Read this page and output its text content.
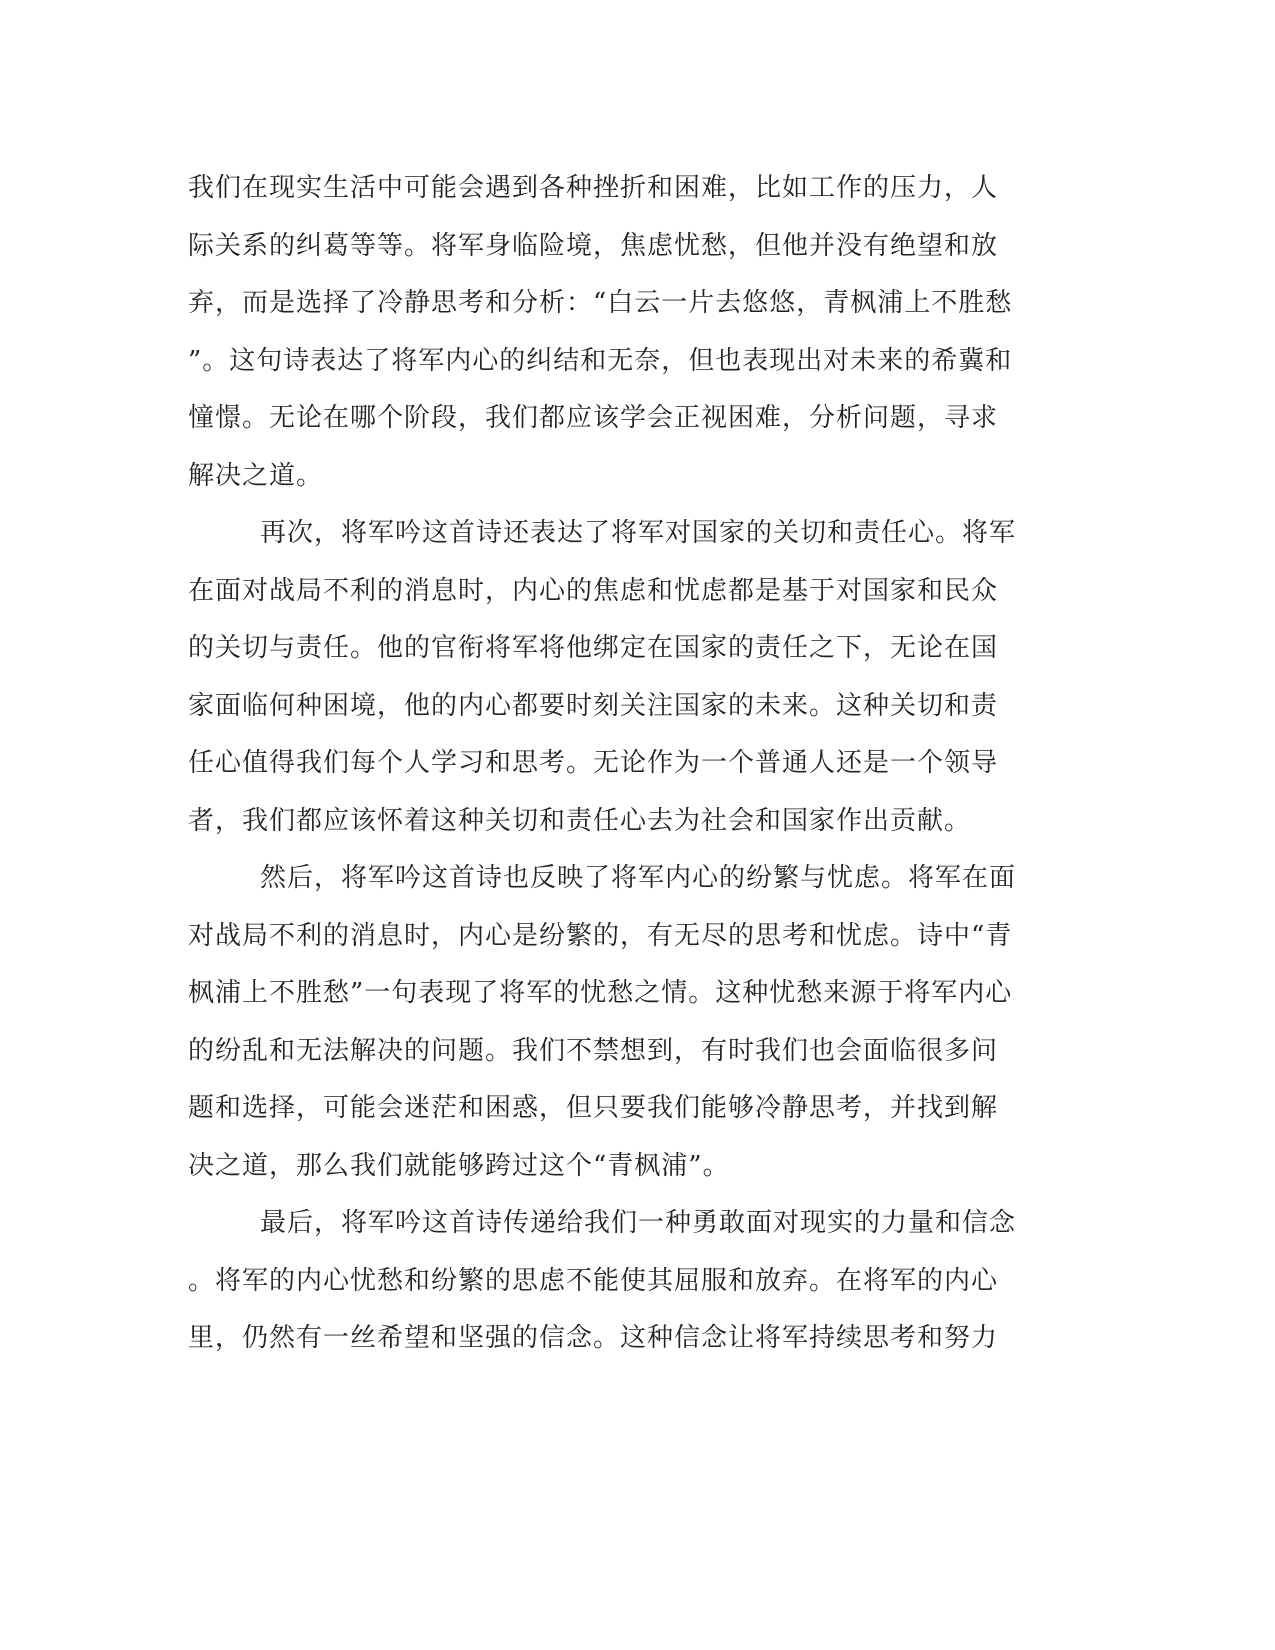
我们在现实生活中可能会遇到各种挫折和困难，比如工作的压力，人
际关系的纠葛等等。将军身临险境，焦虑忧愁，但他并没有绝望和放
弃，而是选择了冷静思考和分析：“白云一片去悠悠，青枫浦上不胜愁
”。这句诗表达了将军内心的纠结和无奈，但也表现出对未来的希冀和
憧憬。无论在哪个阶段，我们都应该学会正视困难，分析问题，寻求
解决之道。
再次，将军吟这首诗还表达了将军对国家的关切和责任心。将军
在面对战局不利的消息时，内心的焦虑和忧虑都是基于对国家和民众
的关切与责任。他的官衔将军将他绑定在国家的责任之下，无论在国
家面临何种困境，他的内心都要时刻关注国家的未来。这种关切和责
任心值得我们每个人学习和思考。无论作为一个普通人还是一个领导
者，我们都应该怀着这种关切和责任心去为社会和国家作出贡献。
然后，将军吟这首诗也反映了将军内心的纷繁与忧虑。将军在面
对战局不利的消息时，内心是纷繁的，有无尽的思考和忧虑。诗中“青
枫浦上不胜愁”一句表现了将军的忧愁之情。这种忧愁来源于将军内心
的纷乱和无法解决的问题。我们不禁想到，有时我们也会面临很多问
题和选择，可能会迷茫和困惑，但只要我们能够冷静思考，并找到解
决之道，那么我们就能够跨过这个“青枫浦”。
最后，将军吟这首诗传递给我们一种勇敢面对现实的力量和信念
。将军的内心忧愁和纷繁的思虑不能使其屈服和放弃。在将军的内心
里，仍然有一丝希望和坚强的信念。这种信念让将军持续思考和努力
